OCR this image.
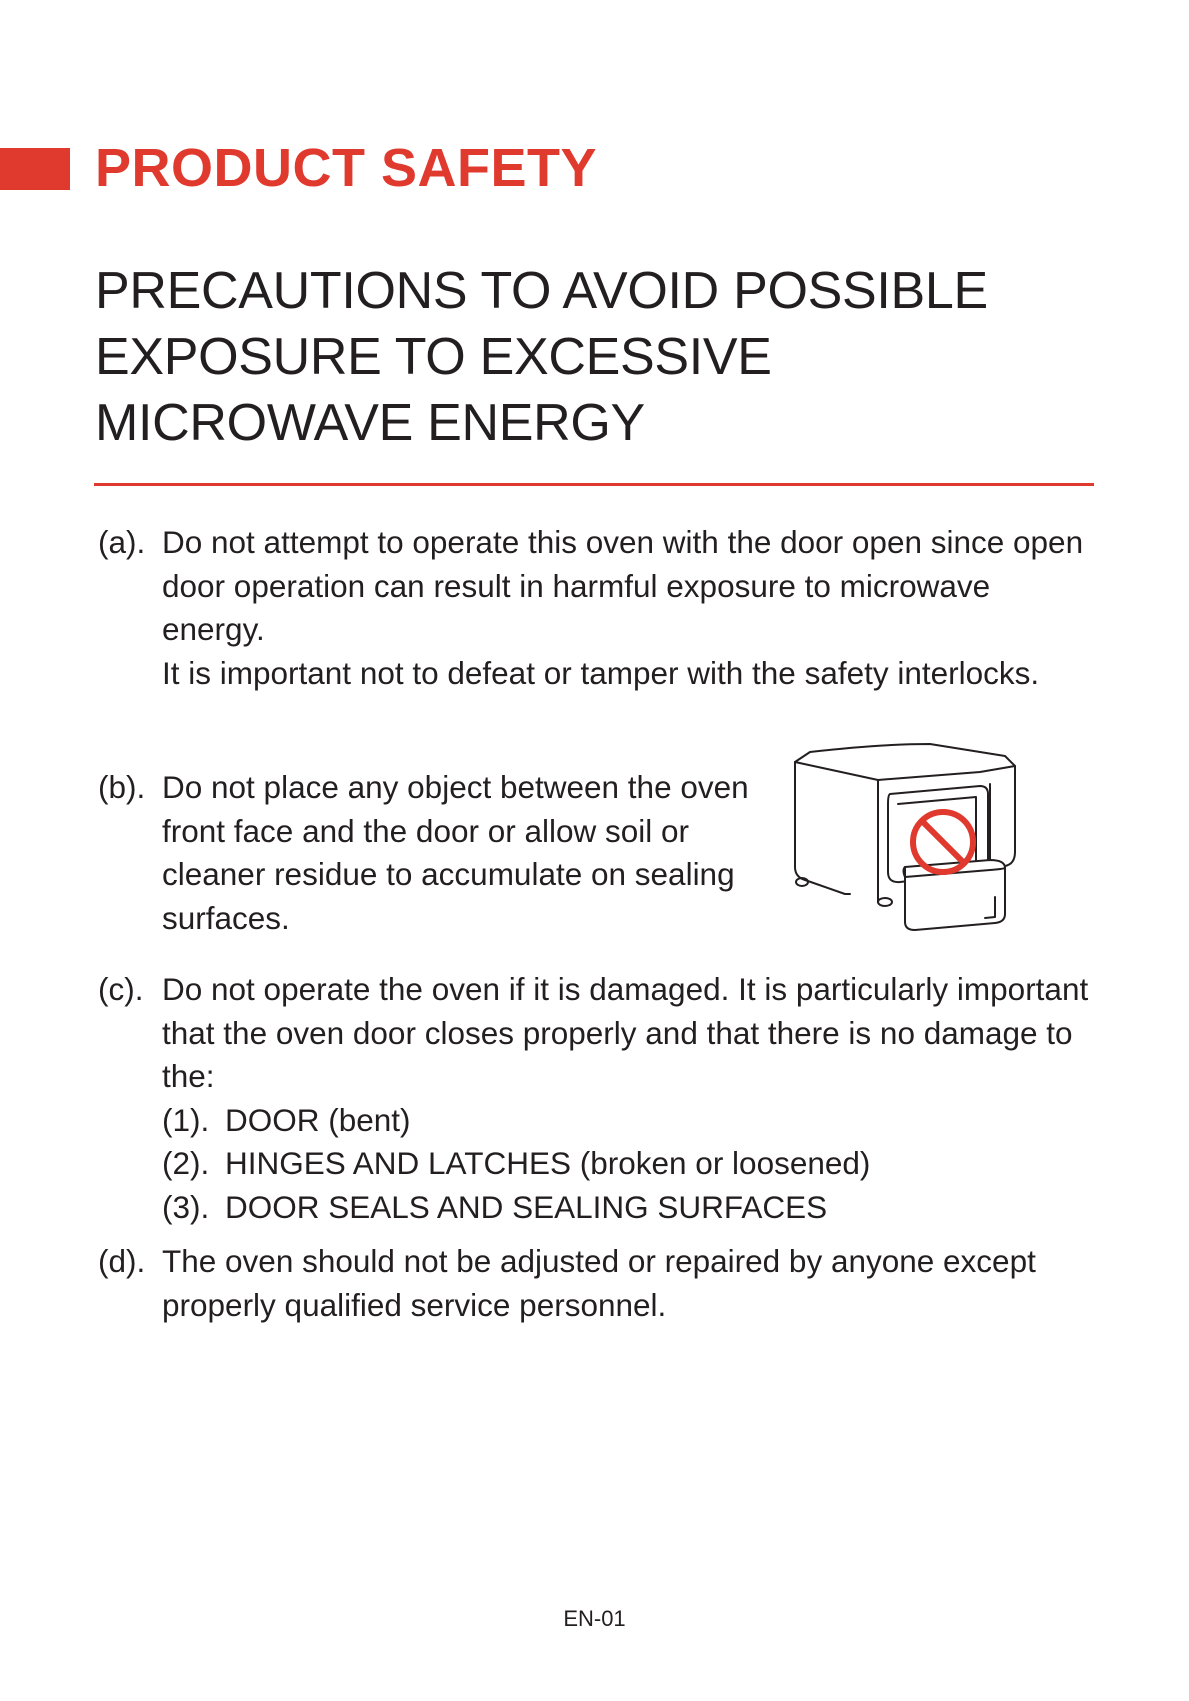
PRODUCT SAFETY
PRECAUTIONS TO AVOID POSSIBLE
EXPOSURE TO EXCESSIVE
MICROWAVE ENERGY
(a). Do not attempt to operate this oven with the door open since open door operation can result in harmful exposure to microwave energy.

It is important not to defeat or tamper with the safety interlocks.

(b). Do not place any object between the oven front face and the door or allow soil or cleaner residue to accumulate on sealing surfaces.

(c). Do not operate the oven if it is damaged. It is particularly important that the oven door closes properly and that there is no damage to the:

(1). DOOR (bent)
(2). HINGES AND LATCHES (broken or loosened)
(3). DOOR SEALS AND SEALING SURFACES
(d). The oven should not be adjusted or repaired by anyone except properly qualified service personnel.

EN-01
